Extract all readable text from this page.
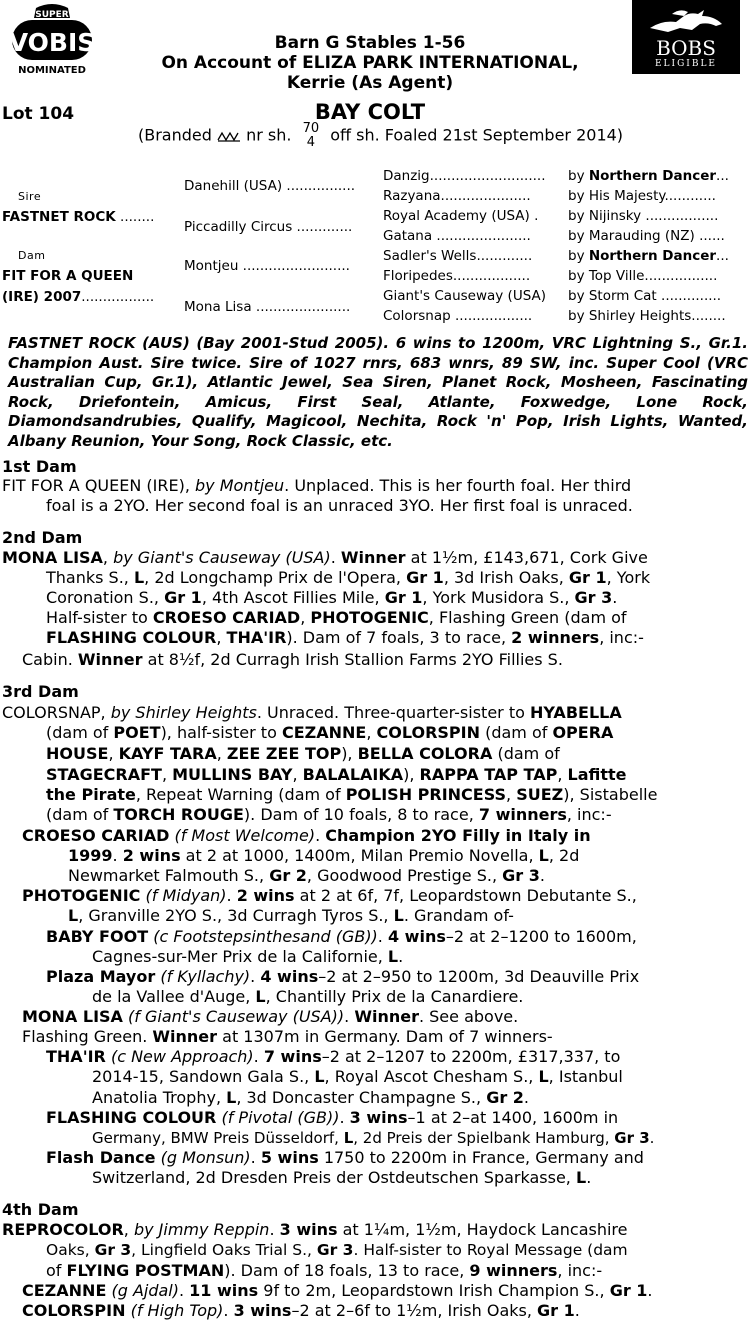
SUPER
VOBIS
NOMINATED
BOBS
ELIGIBLE
Barn G Stables 1-56
On Account of ELIZA PARK INTERNATIONAL,
Kerrie (As Agent)
Lot 104	BAY COLT
(Branded nr sh. 70
4 off sh. Foaled 21st September 2014)
Sire
FASTNET ROCK ........
Dam
FIT FOR A QUEEN
(IRE) 2007.................
Danehill (USA) ................
Piccadilly Circus .............
Montjeu .........................
Mona Lisa ......................
Danzig...........................
Razyana.....................
Royal Academy (USA) .
Gatana ......................
Sadler's Wells.............
Floripedes..................
Giant's Causeway (USA)
Colorsnap ..................
by Northern Dancer...
by His Majesty............
by Nijinsky .................
by Marauding (NZ) ......
by Northern Dancer...
by Top Ville.................
by Storm Cat ..............
by Shirley Heights........
FASTNET ROCK (AUS) (Bay 2001-Stud 2005). 6 wins to 1200m, VRC Lightning S., Gr.1. Champion Aust. Sire twice. Sire of 1027 rnrs, 683 wnrs, 89 SW, inc. Super Cool (VRC Australian Cup, Gr.1), Atlantic Jewel, Sea Siren, Planet Rock, Mosheen, Fascinating Rock, Driefontein, Amicus, First Seal, Atlante, Foxwedge, Lone Rock, Diamondsandrubies, Qualify, Magicool, Nechita, Rock 'n' Pop, Irish Lights, Wanted, Albany Reunion, Your Song, Rock Classic, etc.
1st Dam
FIT FOR A QUEEN (IRE), by Montjeu. Unplaced. This is her fourth foal. Her third
foal is a 2YO. Her second foal is an unraced 3YO. Her first foal is unraced.
2nd Dam
MONA LISA, by Giant's Causeway (USA). Winner at 1½m, £143,671, Cork Give
Thanks S., L, 2d Longchamp Prix de l'Opera, Gr 1, 3d Irish Oaks, Gr 1, York
Coronation S., Gr 1, 4th Ascot Fillies Mile, Gr 1, York Musidora S., Gr 3.
Half-sister to CROESO CARIAD, PHOTOGENIC, Flashing Green (dam of
FLASHING COLOUR, THA'IR). Dam of 7 foals, 3 to race, 2 winners, inc:-
Cabin. Winner at 8½f, 2d Curragh Irish Stallion Farms 2YO Fillies S.
3rd Dam
COLORSNAP, by Shirley Heights. Unraced. Three-quarter-sister to HYABELLA
(dam of POET), half-sister to CEZANNE, COLORSPIN (dam of OPERA
HOUSE, KAYF TARA, ZEE ZEE TOP), BELLA COLORA (dam of
STAGECRAFT, MULLINS BAY, BALALAIKA), RAPPA TAP TAP, Lafitte
the Pirate, Repeat Warning (dam of POLISH PRINCESS, SUEZ), Sistabelle
(dam of TORCH ROUGE). Dam of 10 foals, 8 to race, 7 winners, inc:-
CROESO CARIAD (f Most Welcome). Champion 2YO Filly in Italy in
1999. 2 wins at 2 at 1000, 1400m, Milan Premio Novella, L, 2d
Newmarket Falmouth S., Gr 2, Goodwood Prestige S., Gr 3.
PHOTOGENIC (f Midyan). 2 wins at 2 at 6f, 7f, Leopardstown Debutante S.,
L, Granville 2YO S., 3d Curragh Tyros S., L. Grandam of-
BABY FOOT (c Footstepsinthesand (GB)). 4 wins–2 at 2–1200 to 1600m,
Cagnes-sur-Mer Prix de la Californie, L.
Plaza Mayor (f Kyllachy). 4 wins–2 at 2–950 to 1200m, 3d Deauville Prix
de la Vallee d'Auge, L, Chantilly Prix de la Canardiere.
MONA LISA (f Giant's Causeway (USA)). Winner. See above.
Flashing Green. Winner at 1307m in Germany. Dam of 7 winners-
THA'IR (c New Approach). 7 wins–2 at 2–1207 to 2200m, £317,337, to
2014-15, Sandown Gala S., L, Royal Ascot Chesham S., L, Istanbul
Anatolia Trophy, L, 3d Doncaster Champagne S., Gr 2.
FLASHING COLOUR (f Pivotal (GB)). 3 wins–1 at 2–at 1400, 1600m in
Germany, BMW Preis Düsseldorf, L, 2d Preis der Spielbank Hamburg, Gr 3.
Flash Dance (g Monsun). 5 wins 1750 to 2200m in France, Germany and
Switzerland, 2d Dresden Preis der Ostdeutschen Sparkasse, L.
4th Dam
REPROCOLOR, by Jimmy Reppin. 3 wins at 1¼m, 1½m, Haydock Lancashire
Oaks, Gr 3, Lingfield Oaks Trial S., Gr 3. Half-sister to Royal Message (dam
of FLYING POSTMAN). Dam of 18 foals, 13 to race, 9 winners, inc:-
CEZANNE (g Ajdal). 11 wins 9f to 2m, Leopardstown Irish Champion S., Gr 1.
COLORSPIN (f High Top). 3 wins–2 at 2–6f to 1½m, Irish Oaks, Gr 1.
